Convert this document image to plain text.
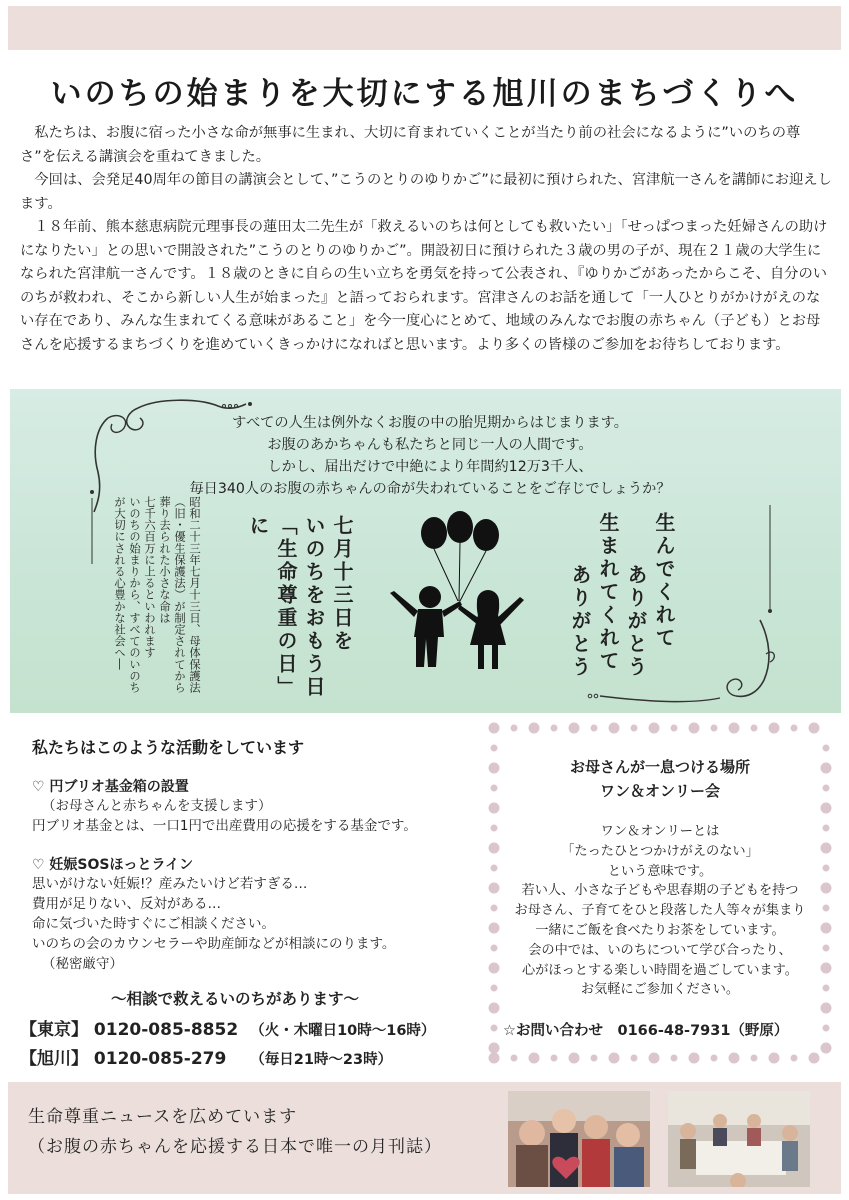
いのちの始まりを大切にする旭川のまちづくりへ

私たちは、お腹に宿った小さな命が無事に生まれ、大切に育まれていくことが当たり前の社会になるように”いのちの尊さ”を伝える講演会を重ねてきました。

今回は、会発足40周年の節目の講演会として、”こうのとりのゆりかご”に最初に預けられた、宮津航一さんを講師にお迎えします。

１８年前、熊本慈恵病院元理事長の蓮田太二先生が「救えるいのちは何としても救いたい」「せっぱつまった妊婦さんの助けになりたい」との思いで開設された”こうのとりのゆりかご”。開設初日に預けられた３歳の男の子が、現在２１歳の大学生になられた宮津航一さんです。１８歳のときに自らの生い立ちを勇気を持って公表され、『ゆりかごがあったからこそ、自分のいのちが救われ、そこから新しい人生が始まった』と語っておられます。宮津さんのお話を通して「一人ひとりがかけがえのない存在であり、みんな生まれてくる意味があること」を今一度心にとめて、地域のみんなでお腹の赤ちゃん（子ども）とお母さんを応援するまちづくりを進めていくきっかけになればと思います。より多くの皆様のご参加をお待ちしております。

すべての人生は例外なくお腹の中の胎児期からはじまります。
お腹のあかちゃんも私たちと同じ一人の人間です。
しかし、届出だけで中絶により年間約12万3千人、
毎日340人のお腹の赤ちゃんの命が失われていることをご存じでしょうか？
昭和二十三年七月十三日、母体保護法
（旧・優生保護法）が制定されてから
葬り去られた小さな命は
七千六百万に上るといわれます
いのちの始まりから、すべてのいのち
が大切にされる心豊かな社会へ―	七月十三日を
いのちをおもう日
「生命尊重の日」に	生んでくれて
ありがとう
生まれてくれて
ありがとう
私たちはこのような活動をしています
♡ 円ブリオ基金箱の設置
（お母さんと赤ちゃんを支援します）
円ブリオ基金とは、一口1円で出産費用の応援をする基金です。
♡ 妊娠SOSほっとライン
思いがけない妊娠!？産みたいけど若すぎる…
費用が足りない、反対がある…
命に気づいた時すぐにご相談ください。
いのちの会のカウンセラーや助産師などが相談にのります。
（秘密厳守）
～相談で救えるいのちがあります～
【東京】 0120-085-8852 （火・木曜日10時～16時）
【旭川】 0120-085-279 （毎日21時～23時）
お母さんが一息つける場所
ワン＆オンリー会
ワン＆オンリーとは
「たったひとつかけがえのない」
という意味です。
若い人、小さな子どもや思春期の子どもを持つ
お母さん、子育てをひと段落した人等々が集まり
一緒にご飯を食べたりお茶をしています。
会の中では、いのちについて学び合ったり、
心がほっとする楽しい時間を過ごしています。
お気軽にご参加ください。
☆お問い合わせ　0166-48-7931（野原）
生命尊重ニュースを広めています
（お腹の赤ちゃんを応援する日本で唯一の月刊誌）
